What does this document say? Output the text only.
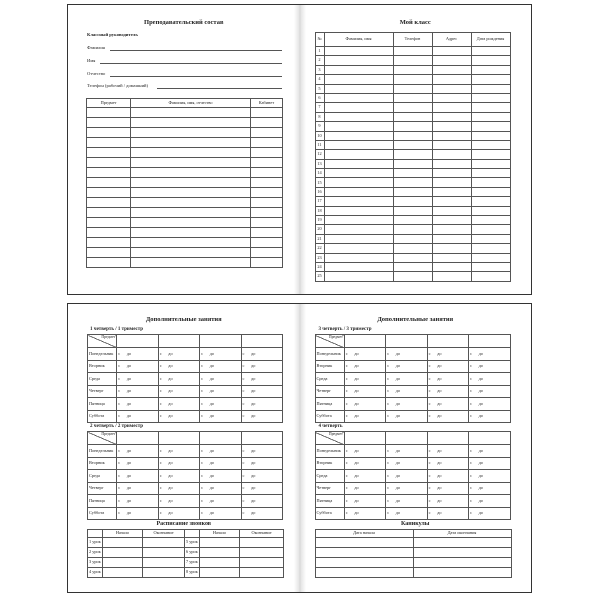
Преподавательский состав
Классный руководитель
Фамилия
Имя
Отчество
Телефон (рабочий / домашний)
Предмет	Фамилия, имя, отчество	Кабинет

Мой класс
№	Фамилия, имя	Телефон	Адрес	Дата рождения
1				
2				
3				
4				
5				
6				
7				
8				
9				
10				
11				
12				
13				
14				
15				
16				
17				
18				
19				
20				
21				
22				
23				
24				
25				
Дополнительные занятия
1 четверть / 1 триместр
Предмет								

Понедельник	с	до	с	до	с	до	с	до
Вторник	с	до	с	до	с	до	с	до
Среда	с	до	с	до	с	до	с	до
Четверг	с	до	с	до	с	до	с	до
Пятница	с	до	с	до	с	до	с	до
Суббота	с	до	с	до	с	до	с	до
2 четверть / 2 триместр
Предмет								

Понедельник	с	до	с	до	с	до	с	до
Вторник	с	до	с	до	с	до	с	до
Среда	с	до	с	до	с	до	с	до
Четверг	с	до	с	до	с	до	с	до
Пятница	с	до	с	до	с	до	с	до
Суббота	с	до	с	до	с	до	с	до
Расписание звонков
	Начало	Окончание		Начало	Окончание
1 урок			5 урок		
2 урок			6 урок		
3 урок			7 урок		
4 урок			8 урок		
Дополнительные занятия
3 четверть / 3 триместр
Предмет								

Понедельник	с	до	с	до	с	до	с	до
Вторник	с	до	с	до	с	до	с	до
Среда	с	до	с	до	с	до	с	до
Четверг	с	до	с	до	с	до	с	до
Пятница	с	до	с	до	с	до	с	до
Суббота	с	до	с	до	с	до	с	до
4 четверть
Предмет								

Понедельник	с	до	с	до	с	до	с	до
Вторник	с	до	с	до	с	до	с	до
Среда	с	до	с	до	с	до	с	до
Четверг	с	до	с	до	с	до	с	до
Пятница	с	до	с	до	с	до	с	до
Суббота	с	до	с	до	с	до	с	до
Каникулы
Дата начала	Дата окончания
